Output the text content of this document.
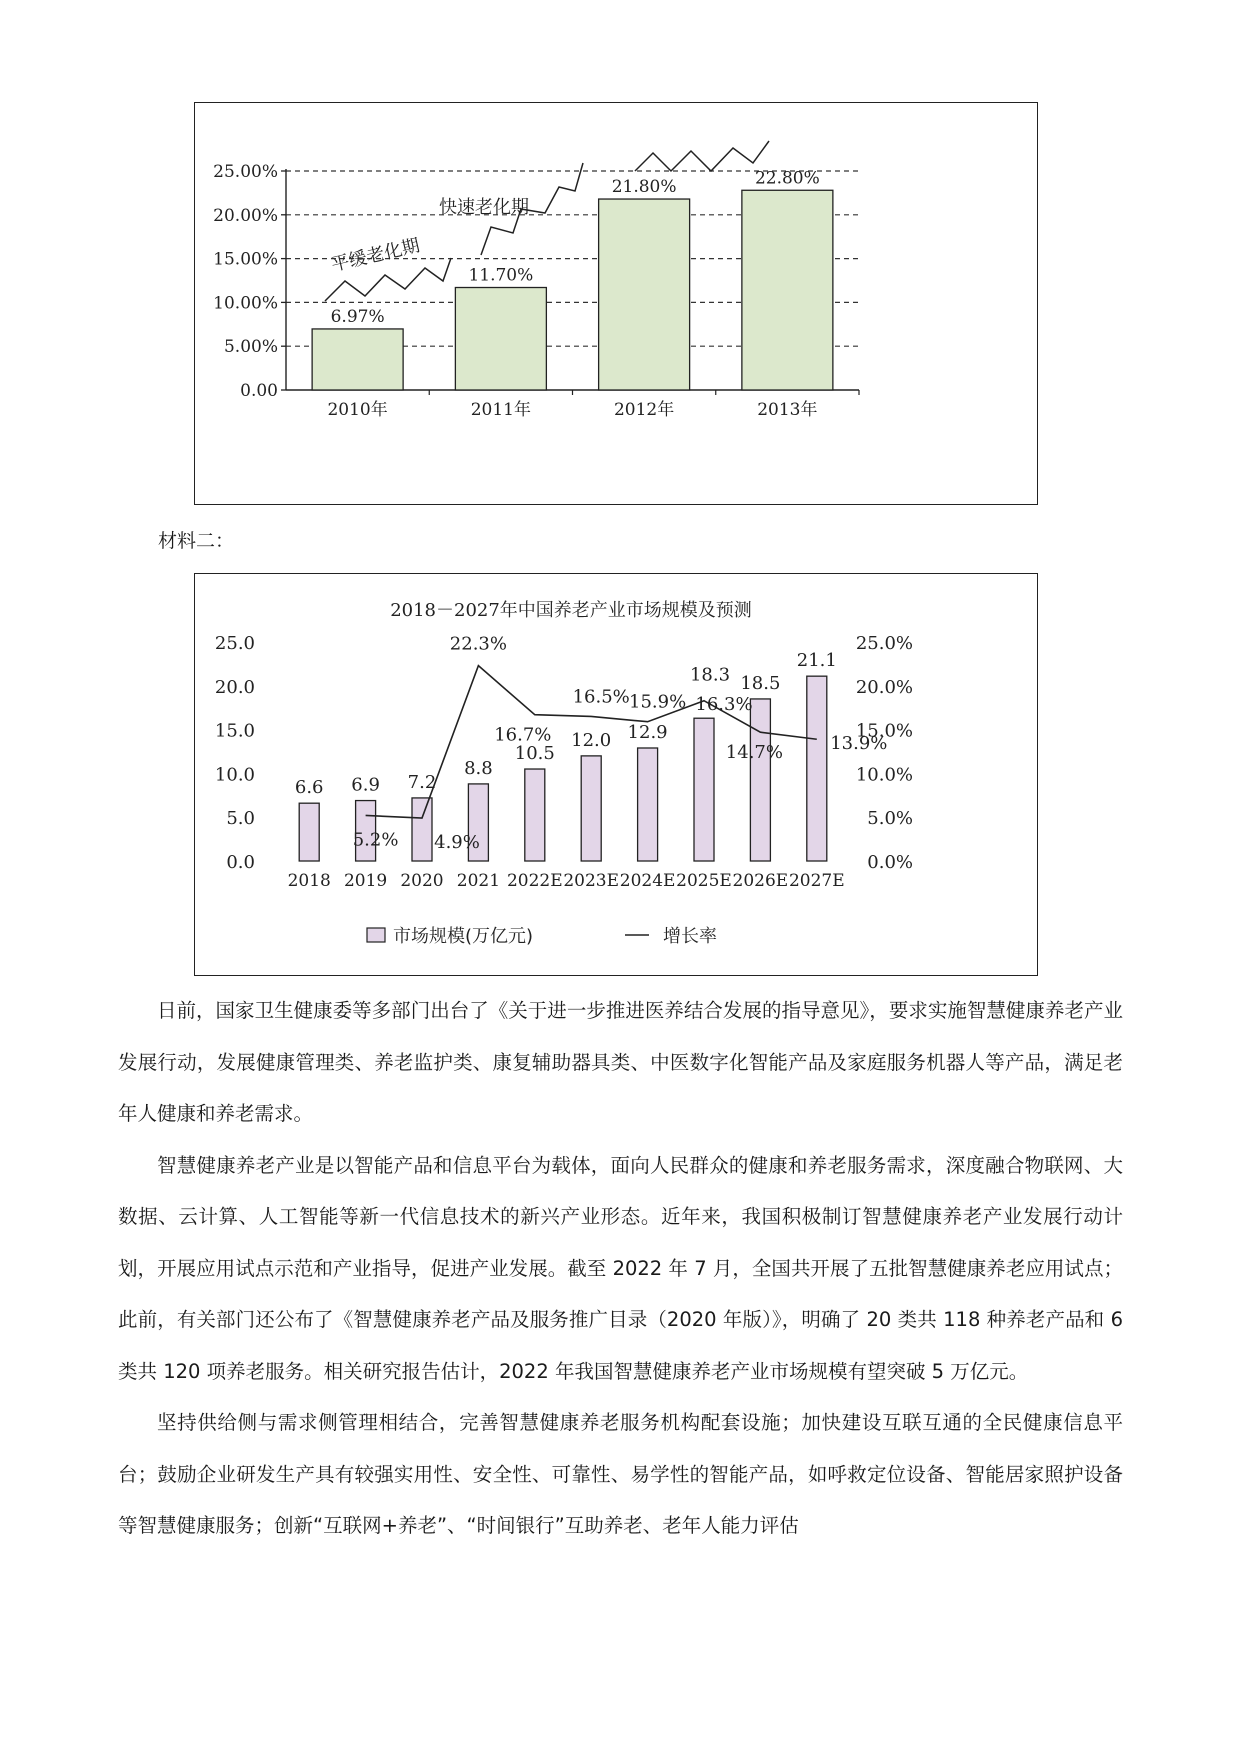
0.00
5.00%
10.00%
15.00%
20.00%
25.00%
6.97%
2010年
11.70%
2011年
21.80%
2012年
22.80%
2013年
平缓老化期
快速老化期
材料二：
2018－2027年中国养老产业市场规模及预测
0.0
5.0
10.0
15.0
20.0
25.0
0.0%
5.0%
10.0%
15.0%
20.0%
25.0%
2018 2019 2020 2021 2022E 2023E 2024E 2025E 2026E 2027E
6.6 6.9 7.2
8.8
10.5
12.0 12.9
16.3%
18.5
21.1
5.2% 4.9%
22.3%
16.7%
16.5% 15.9%
18.3
14.7%	13.9%
市场规模(万亿元)	增长率

日前，国家卫生健康委等多部门出台了《关于进一步推进医养结合发展的指导意见》，要求实施智慧健康养老产业发展行动，发展健康管理类、养老监护类、康复辅助器具类、中医数字化智能产品及家庭服务机器人等产品，满足老年人健康和养老需求。

智慧健康养老产业是以智能产品和信息平台为载体，面向人民群众的健康和养老服务需求，深度融合物联网、大数据、云计算、人工智能等新一代信息技术的新兴产业形态。近年来，我国积极制订智慧健康养老产业发展行动计划，开展应用试点示范和产业指导，促进产业发展。截至 2022 年 7 月，全国共开展了五批智慧健康养老应用试点；此前，有关部门还公布了《智慧健康养老产品及服务推广目录（2020 年版）》，明确了 20 类共 118 种养老产品和 6 类共 120 项养老服务。相关研究报告估计，2022 年我国智慧健康养老产业市场规模有望突破 5 万亿元。

坚持供给侧与需求侧管理相结合，完善智慧健康养老服务机构配套设施；加快建设互联互通的全民健康信息平台；鼓励企业研发生产具有较强实用性、安全性、可靠性、易学性的智能产品，如呼救定位设备、智能居家照护设备等智慧健康服务；创新“互联网+养老”、“时间银行”互助养老、老年人能力评估
